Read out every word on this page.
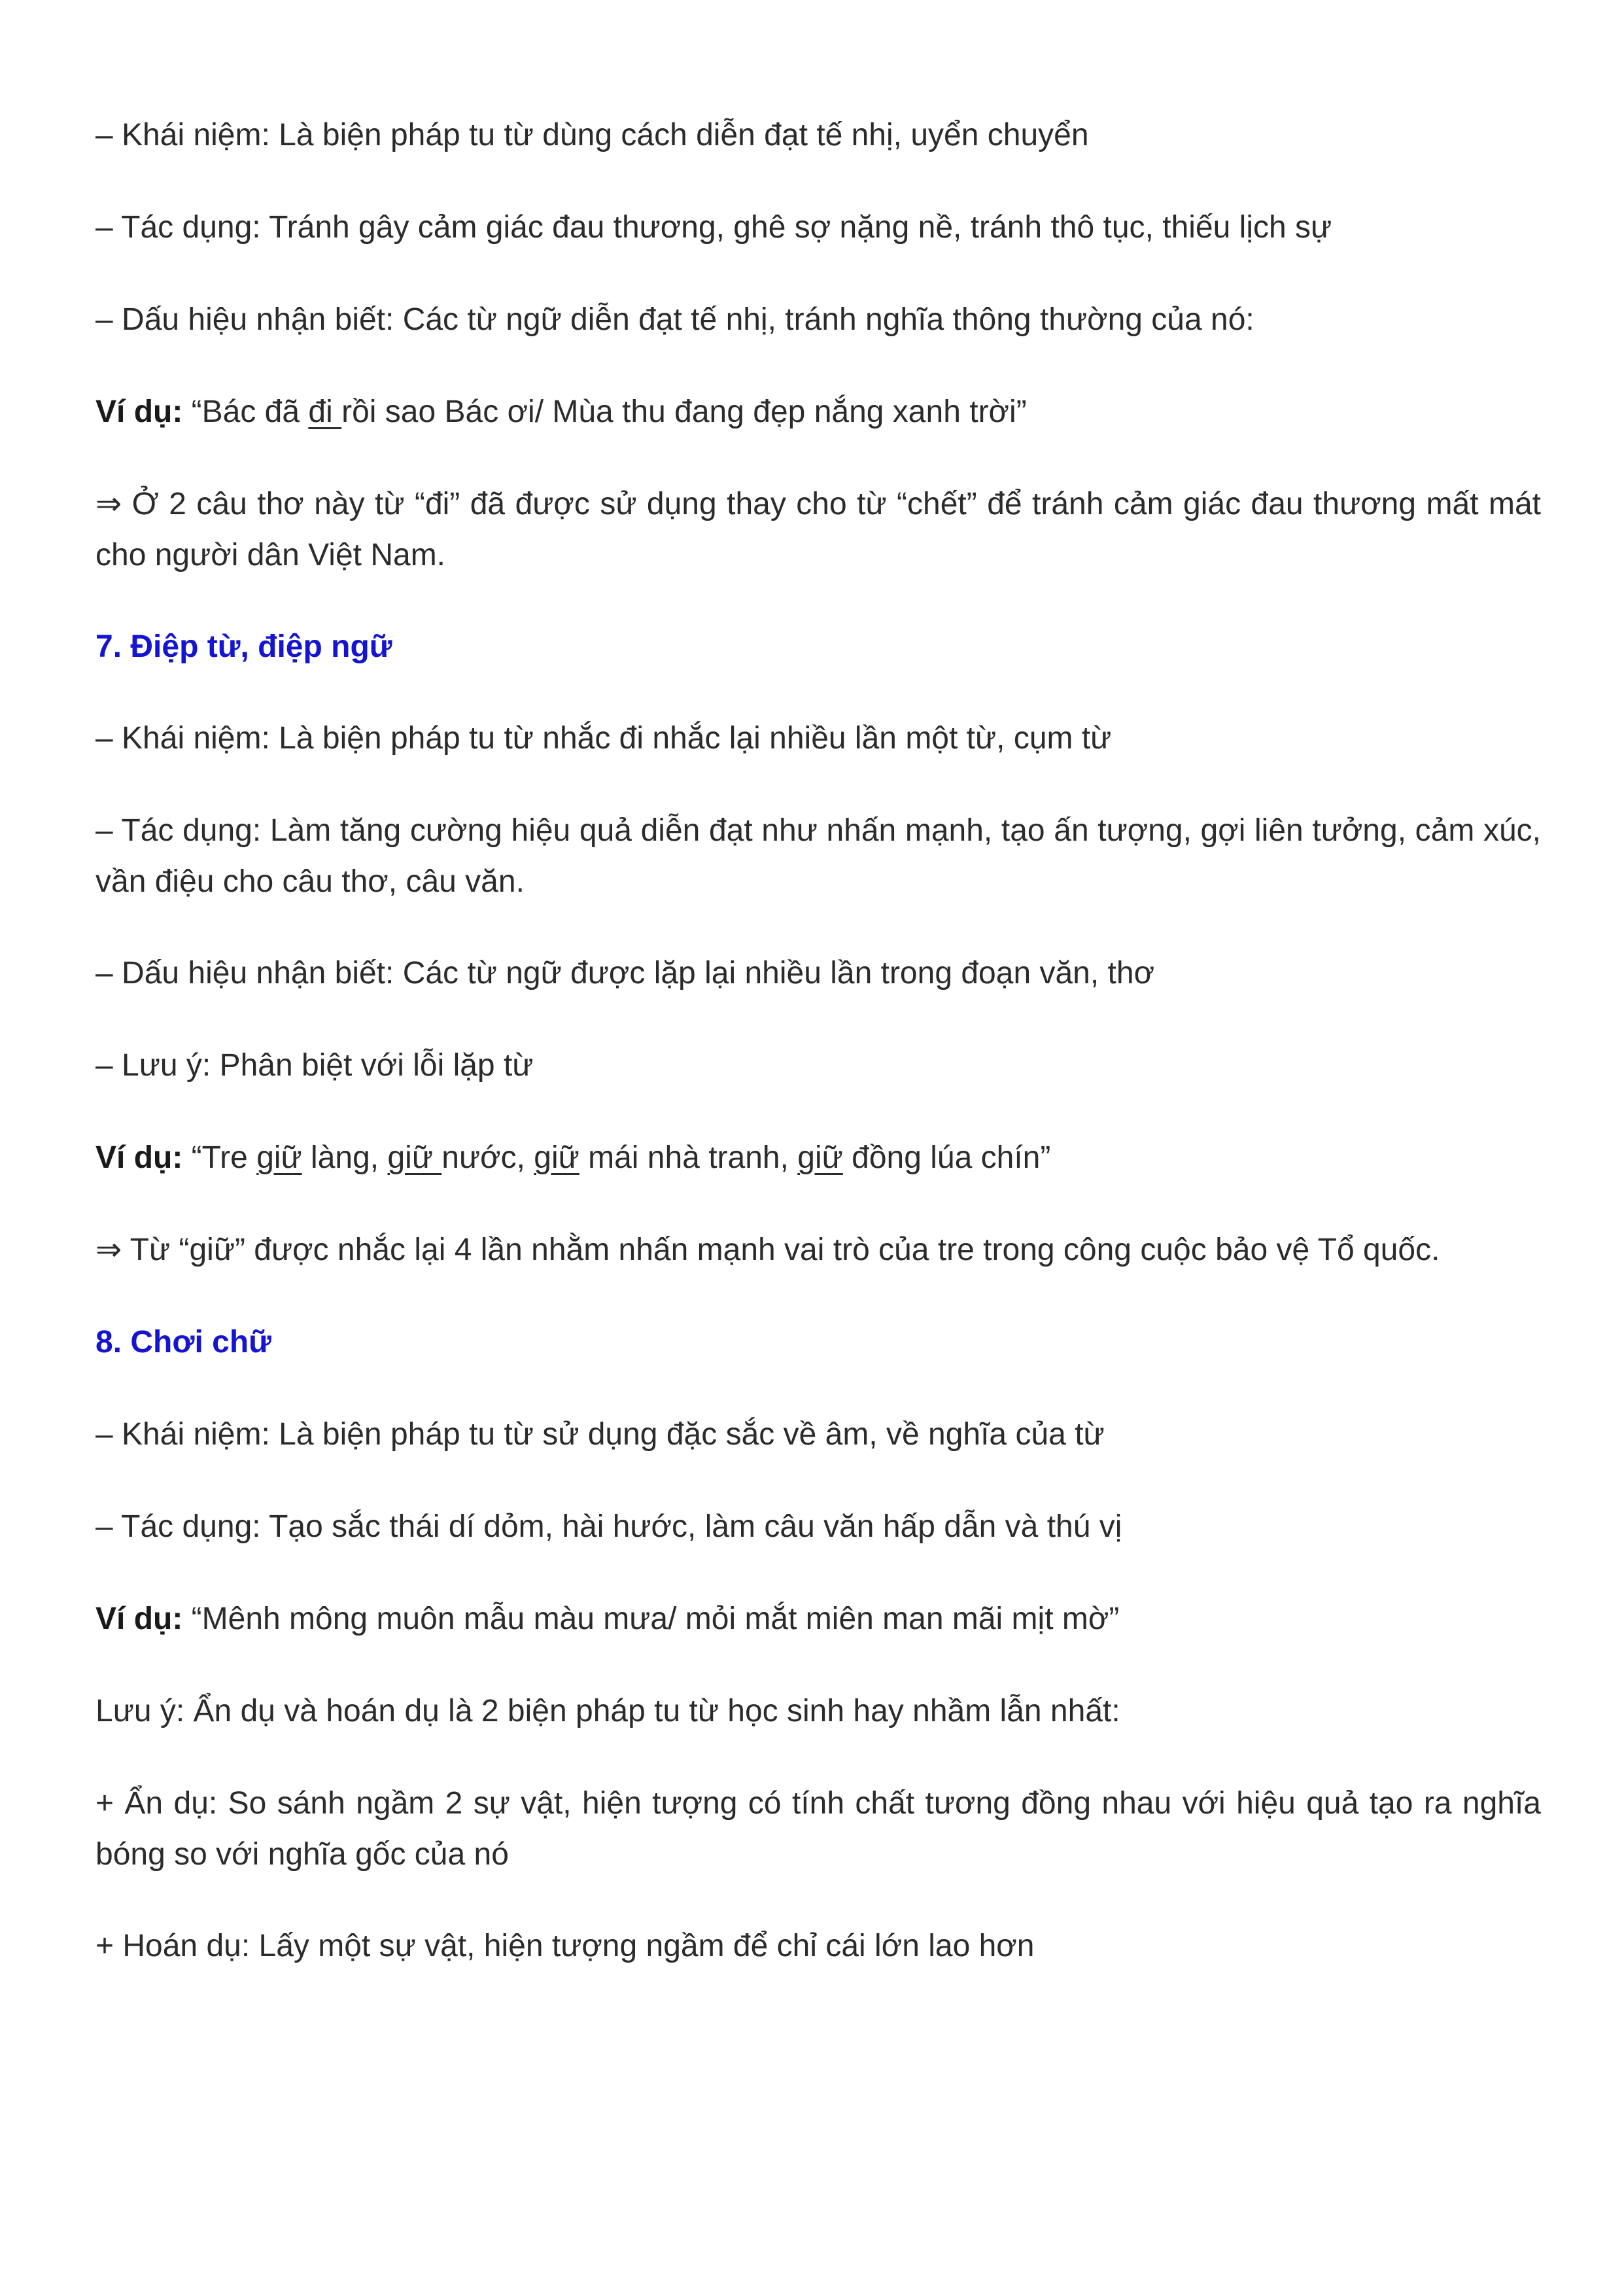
– Khái niệm: Là biện pháp tu từ dùng cách diễn đạt tế nhị, uyển chuyển

– Tác dụng: Tránh gây cảm giác đau thương, ghê sợ nặng nề, tránh thô tục, thiếu lịch sự

– Dấu hiệu nhận biết: Các từ ngữ diễn đạt tế nhị, tránh nghĩa thông thường của nó:

Ví dụ: “Bác đã đi rồi sao Bác ơi/ Mùa thu đang đẹp nắng xanh trời”

⇒ Ở 2 câu thơ này từ “đi” đã được sử dụng thay cho từ “chết” để tránh cảm giác đau thương mất mát cho người dân Việt Nam.

7. Điệp từ, điệp ngữ

– Khái niệm: Là biện pháp tu từ nhắc đi nhắc lại nhiều lần một từ, cụm từ

– Tác dụng: Làm tăng cường hiệu quả diễn đạt như nhấn mạnh, tạo ấn tượng, gợi liên tưởng, cảm xúc, vần điệu cho câu thơ, câu văn.

– Dấu hiệu nhận biết: Các từ ngữ được lặp lại nhiều lần trong đoạn văn, thơ

– Lưu ý: Phân biệt với lỗi lặp từ

Ví dụ: “Tre giữ làng, giữ nước, giữ mái nhà tranh, giữ đồng lúa chín”

⇒ Từ “giữ” được nhắc lại 4 lần nhằm nhấn mạnh vai trò của tre trong công cuộc bảo vệ Tổ quốc.

8. Chơi chữ

– Khái niệm: Là biện pháp tu từ sử dụng đặc sắc về âm, về nghĩa của từ

– Tác dụng: Tạo sắc thái dí dỏm, hài hước, làm câu văn hấp dẫn và thú vị

Ví dụ: “Mênh mông muôn mẫu màu mưa/ mỏi mắt miên man mãi mịt mờ”

Lưu ý: Ẩn dụ và hoán dụ là 2 biện pháp tu từ học sinh hay nhầm lẫn nhất:

+ Ẩn dụ: So sánh ngầm 2 sự vật, hiện tượng có tính chất tương đồng nhau với hiệu quả tạo ra nghĩa bóng so với nghĩa gốc của nó

+ Hoán dụ: Lấy một sự vật, hiện tượng ngầm để chỉ cái lớn lao hơn
